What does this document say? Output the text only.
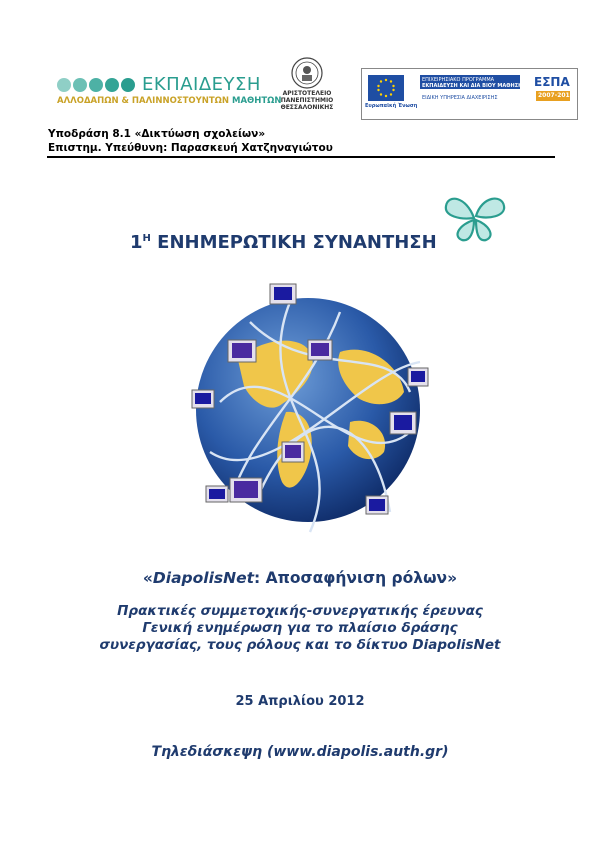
ΕΚΠΑΙΔΕΥΣΗ
ΑΛΛΟΔΑΠΩΝ & ΠΑΛΙΝΝΟΣΤΟΥΝΤΩΝ ΜΑΘΗΤΩΝ
ΑΡΙΣΤΟΤΕΛΕΙΟ
ΠΑΝΕΠΙΣΤΗΜΙΟ
ΘΕΣΣΑΛΟΝΙΚΗΣ	Ευρωπαϊκή Ένωση
ΕΠΙΧΕΙΡΗΣΙΑΚΟ ΠΡΟΓΡΑΜΜΑ
ΕΚΠΑΙΔΕΥΣΗ ΚΑΙ ΔΙΑ ΒΙΟΥ ΜΑΘΗΣΗ
ΕΙΔΙΚΗ ΥΠΗΡΕΣΙΑ ΔΙΑΧΕΙΡΙΣΗΣ
ΕΣΠΑ
2007-2013
Υποδράση 8.1 «Δικτύωση σχολείων»
Επιστημ. Υπεύθυνη: Παρασκευή Χατζηναγιώτου
$1^H$ ΕΝΗΜΕΡΩΤΙΚΗ ΣΥΝΑΝΤΗΣΗ
«DiapolisNet: Αποσαφήνιση ρόλων»
Πρακτικές συμμετοχικής-συνεργατικής έρευνας
Γενική ενημέρωση για το πλαίσιο δράσης
συνεργασίας, τους ρόλους και το δίκτυο DiapolisNet
25 Απριλίου 2012
Τηλεδιάσκεψη (www.diapolis.auth.gr)
